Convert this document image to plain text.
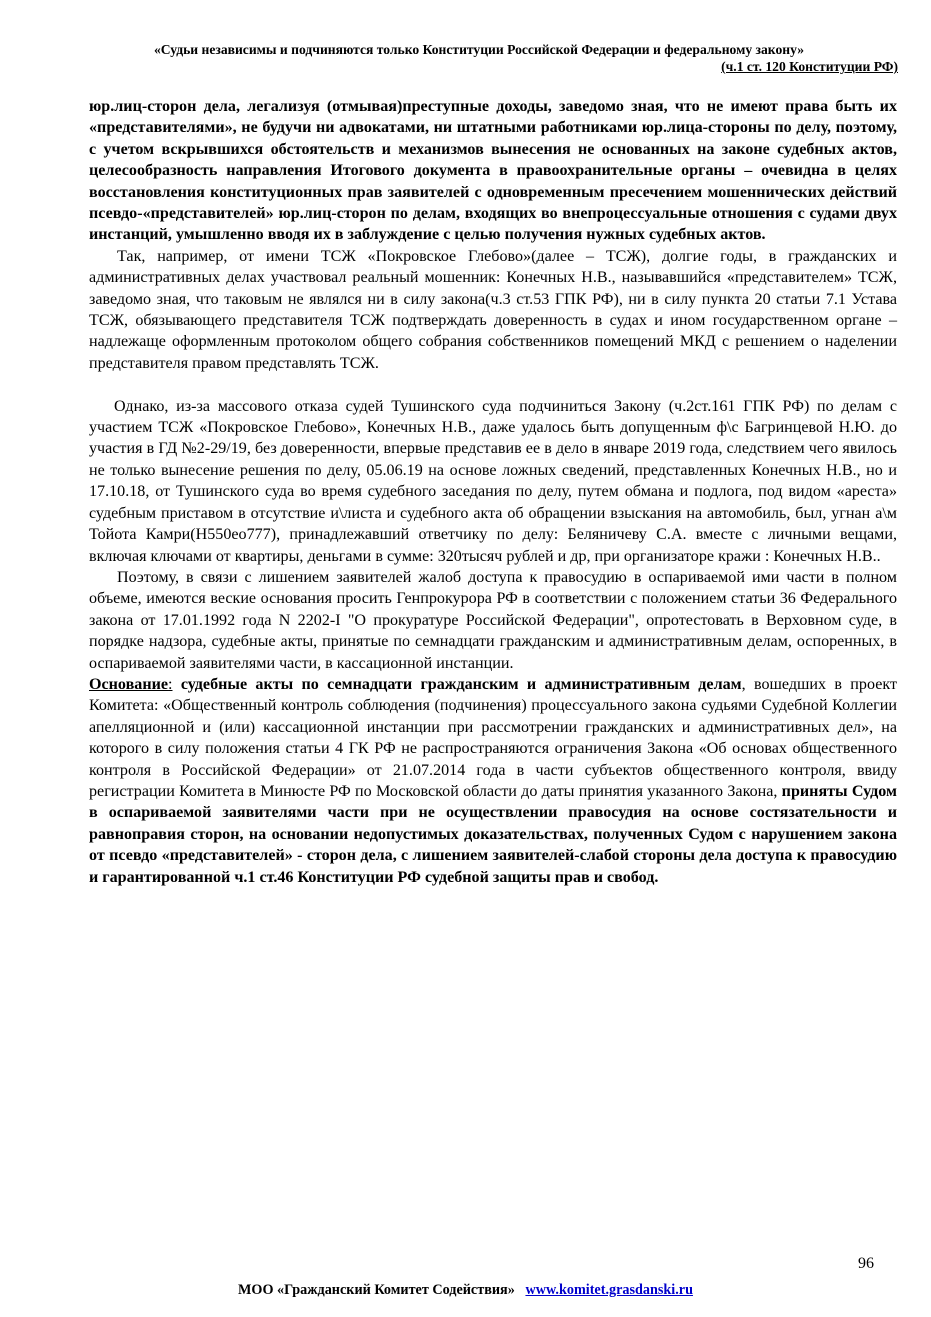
«Судьи независимы и подчиняются только Конституции Российской Федерации и федеральному закону»
(ч.1 ст. 120 Конституции РФ)

юр.лиц-сторон дела, легализуя (отмывая)преступные доходы, заведомо зная, что не имеют права быть их «представителями», не будучи ни адвокатами, ни штатными работниками юр.лица-стороны по делу, поэтому, с учетом вскрывшихся обстоятельств и механизмов вынесения не основанных на законе судебных актов, целесообразность направления Итогового документа в правоохранительные органы – очевидна в целях восстановления конституционных прав заявителей с одновременным пресечением мошеннических действий псевдо-«представителей» юр.лиц-сторон по делам, входящих во внепроцессуальные отношения с судами двух инстанций, умышленно вводя их в заблуждение с целью получения нужных судебных актов.

Так, например, от имени ТСЖ «Покровское Глебово»(далее – ТСЖ), долгие годы, в гражданских и административных делах участвовал реальный мошенник: Конечных Н.В., называвшийся «представителем» ТСЖ, заведомо зная, что таковым не являлся ни в силу закона(ч.3 ст.53 ГПК РФ), ни в силу пункта 20 статьи 7.1 Устава ТСЖ, обязывающего представителя ТСЖ подтверждать доверенность в судах и ином государственном органе – надлежаще оформленным протоколом общего собрания собственников помещений МКД с решением о наделении представителя правом представлять ТСЖ.

Однако, из-за массового отказа судей Тушинского суда подчиниться Закону (ч.2ст.161 ГПК РФ) по делам с участием ТСЖ «Покровское Глебово», Конечных Н.В., даже удалось быть допущенным ф\с Багринцевой Н.Ю. до участия в ГД №2-29/19, без доверенности, впервые представив ее в дело в январе 2019 года, следствием чего явилось не только вынесение решения по делу, 05.06.19 на основе ложных сведений, представленных Конечных Н.В., но и 17.10.18, от Тушинского суда во время судебного заседания по делу, путем обмана и подлога, под видом «ареста» судебным приставом в отсутствие и\листа и судебного акта об обращении взыскания на автомобиль, был, угнан а\м Тойота Камри(Н550ео777), принадлежавший ответчику по делу: Беляничеву С.А. вместе с личными вещами, включая ключами от квартиры, деньгами в сумме: 320тысяч рублей и др, при организаторе кражи : Конечных Н.В..

Поэтому, в связи с лишением заявителей жалоб доступа к правосудию в оспариваемой ими части в полном объеме, имеются веские основания просить Генпрокурора РФ в соответствии с положением статьи 36 Федерального закона от 17.01.1992 года N 2202-I "О прокуратуре Российской Федерации", опротестовать в Верховном суде, в порядке надзора, судебные акты, принятые по семнадцати гражданским и административным делам, оспоренных, в оспариваемой заявителями части, в кассационной инстанции.

Основание: судебные акты по семнадцати гражданским и административным делам, вошедших в проект Комитета: «Общественный контроль соблюдения (подчинения) процессуального закона судьями Судебной Коллегии апелляционной и (или) кассационной инстанции при рассмотрении гражданских и административных дел», на которого в силу положения статьи 4 ГК РФ не распространяются ограничения Закона «Об основах общественного контроля в Российской Федерации» от 21.07.2014 года в части субъектов общественного контроля, ввиду регистрации Комитета в Минюсте РФ по Московской области до даты принятия указанного Закона, приняты Судом в оспариваемой заявителями части при не осуществлении правосудия на основе состязательности и равноправия сторон, на основании недопустимых доказательствах, полученных Судом с нарушением закона от псевдо «представителей» - сторон дела, с лишением заявителей-слабой стороны дела доступа к правосудию и гарантированной ч.1 ст.46 Конституции РФ судебной защиты прав и свобод.

96
МОО «Гражданский Комитет Содействия» www.komitet.grasdanski.ru
